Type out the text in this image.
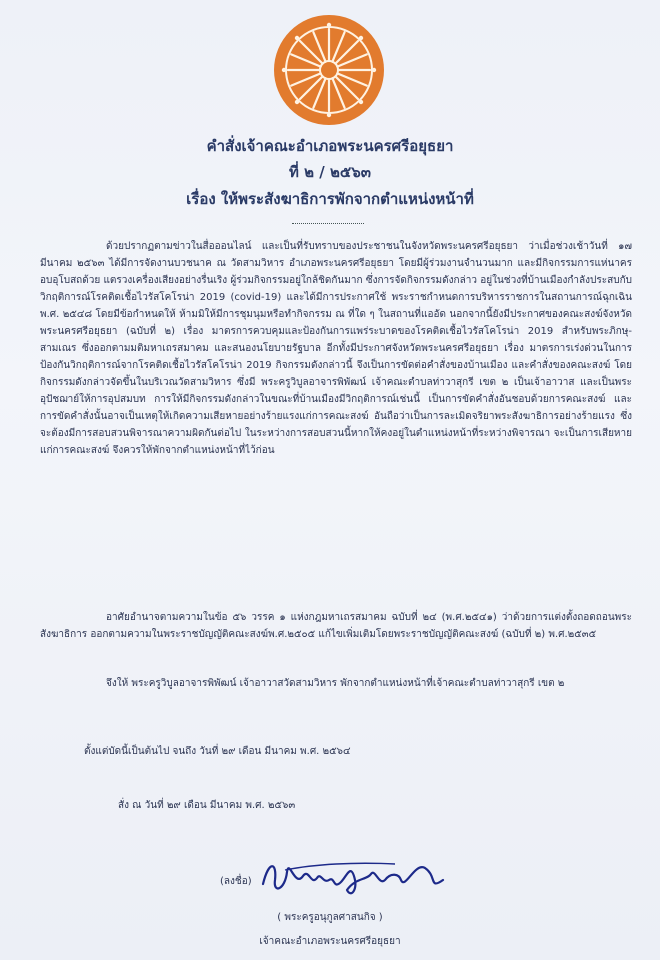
คำสั่งเจ้าคณะอำเภอพระนครศรีอยุธยา
ที่ ๒ / ๒๕๖๓
เรื่อง ให้พระสังฆาธิการพักจากตำแหน่งหน้าที่
ด้วยปรากฏตามข่าวในสื่อออนไลน์ และเป็นที่รับทราบของประชาชนในจังหวัดพระนครศรีอยุธยา ว่าเมื่อช่วงเช้าวันที่ ๑๗ มีนาคม ๒๕๖๓ ได้มีการจัดงานบวชนาค ณ วัดสามวิหาร อำเภอพระนครศรีอยุธยา โดยมีผู้ร่วมงานจำนวนมาก และมีกิจกรรมการแห่นาครอบอุโบสถด้วย แตรวงเครื่องเสียงอย่างรื่นเริง ผู้ร่วมกิจกรรมอยู่ใกล้ชิดกันมาก ซึ่งการจัดกิจกรรมดังกล่าว อยู่ในช่วงที่บ้านเมืองกำลังประสบกับวิกฤติการณ์โรคติดเชื้อไวรัสโคโรน่า 2019 (covid-19) และได้มีการประกาศใช้ พระราชกำหนดการบริหารราชการในสถานการณ์ฉุกเฉิน พ.ศ. ๒๕๔๘ โดยมีข้อกำหนดให้ ห้ามมิให้มีการชุมนุมหรือทำกิจกรรม ณ ที่ใด ๆ ในสถานที่แออัด นอกจากนี้ยังมีประกาศของคณะสงฆ์จังหวัดพระนครศรีอยุธยา (ฉบับที่ ๒) เรื่อง มาตรการควบคุมและป้องกันการแพร่ระบาดของโรคติดเชื้อไวรัสโคโรน่า 2019 สำหรับพระภิกษุ-สามเณร ซึ่งออกตามมติมหาเถรสมาคม และสนองนโยบายรัฐบาล อีกทั้งมีประกาศจังหวัดพระนครศรีอยุธยา เรื่อง มาตรการเร่งด่วนในการป้องกันวิกฤติการณ์จากโรคติดเชื้อไวรัสโคโรน่า 2019 กิจกรรมดังกล่าวนี้ จึงเป็นการขัดต่อคำสั่งของบ้านเมือง และคำสั่งของคณะสงฆ์ โดยกิจกรรมดังกล่าวจัดขึ้นในบริเวณวัดสามวิหาร ซึ่งมี พระครูวิบูลอาจารพิพัฒน์ เจ้าคณะตำบลท่าวาสุกรี เขต ๒ เป็นเจ้าอาวาส และเป็นพระอุปัชฌาย์ให้การอุปสมบท การให้มีกิจกรรมดังกล่าวในขณะที่บ้านเมืองมีวิกฤติการณ์เช่นนี้ เป็นการขัดคำสั่งอันชอบด้วยการคณะสงฆ์ และการขัดคำสั่งนั้นอาจเป็นเหตุให้เกิดความเสียหายอย่างร้ายแรงแก่การคณะสงฆ์ อันถือว่าเป็นการละเมิดจริยาพระสังฆาธิการอย่างร้ายแรง ซึ่งจะต้องมีการสอบสวนพิจารณาความผิดกันต่อไป ในระหว่างการสอบสวนนี้หากให้คงอยู่ในตำแหน่งหน้าที่ระหว่างพิจารณา จะเป็นการเสียหายแก่การคณะสงฆ์ จึงควรให้พักจากตำแหน่งหน้าที่ไว้ก่อน
อาศัยอำนาจตามความในข้อ ๕๖ วรรค ๑ แห่งกฎมหาเถรสมาคม ฉบับที่ ๒๔ (พ.ศ.๒๕๔๑) ว่าด้วยการแต่งตั้งถอดถอนพระสังฆาธิการ ออกตามความในพระราชบัญญัติคณะสงฆ์พ.ศ.๒๕๐๕ แก้ไขเพิ่มเติมโดยพระราชบัญญัติคณะสงฆ์ (ฉบับที่ ๒) พ.ศ.๒๕๓๕
จึงให้ พระครูวิบูลอาจารพิพัฒน์ เจ้าอาวาสวัดสามวิหาร พักจากตำแหน่งหน้าที่เจ้าคณะตำบลท่าวาสุกรี เขต ๒
ตั้งแต่บัดนี้เป็นต้นไป จนถึง วันที่ ๒๙ เดือน มีนาคม พ.ศ. ๒๕๖๔
สั่ง ณ วันที่ ๒๙ เดือน มีนาคม พ.ศ. ๒๕๖๓
(ลงชื่อ)
( พระครูอนุกูลศาสนกิจ )
เจ้าคณะอำเภอพระนครศรีอยุธยา
